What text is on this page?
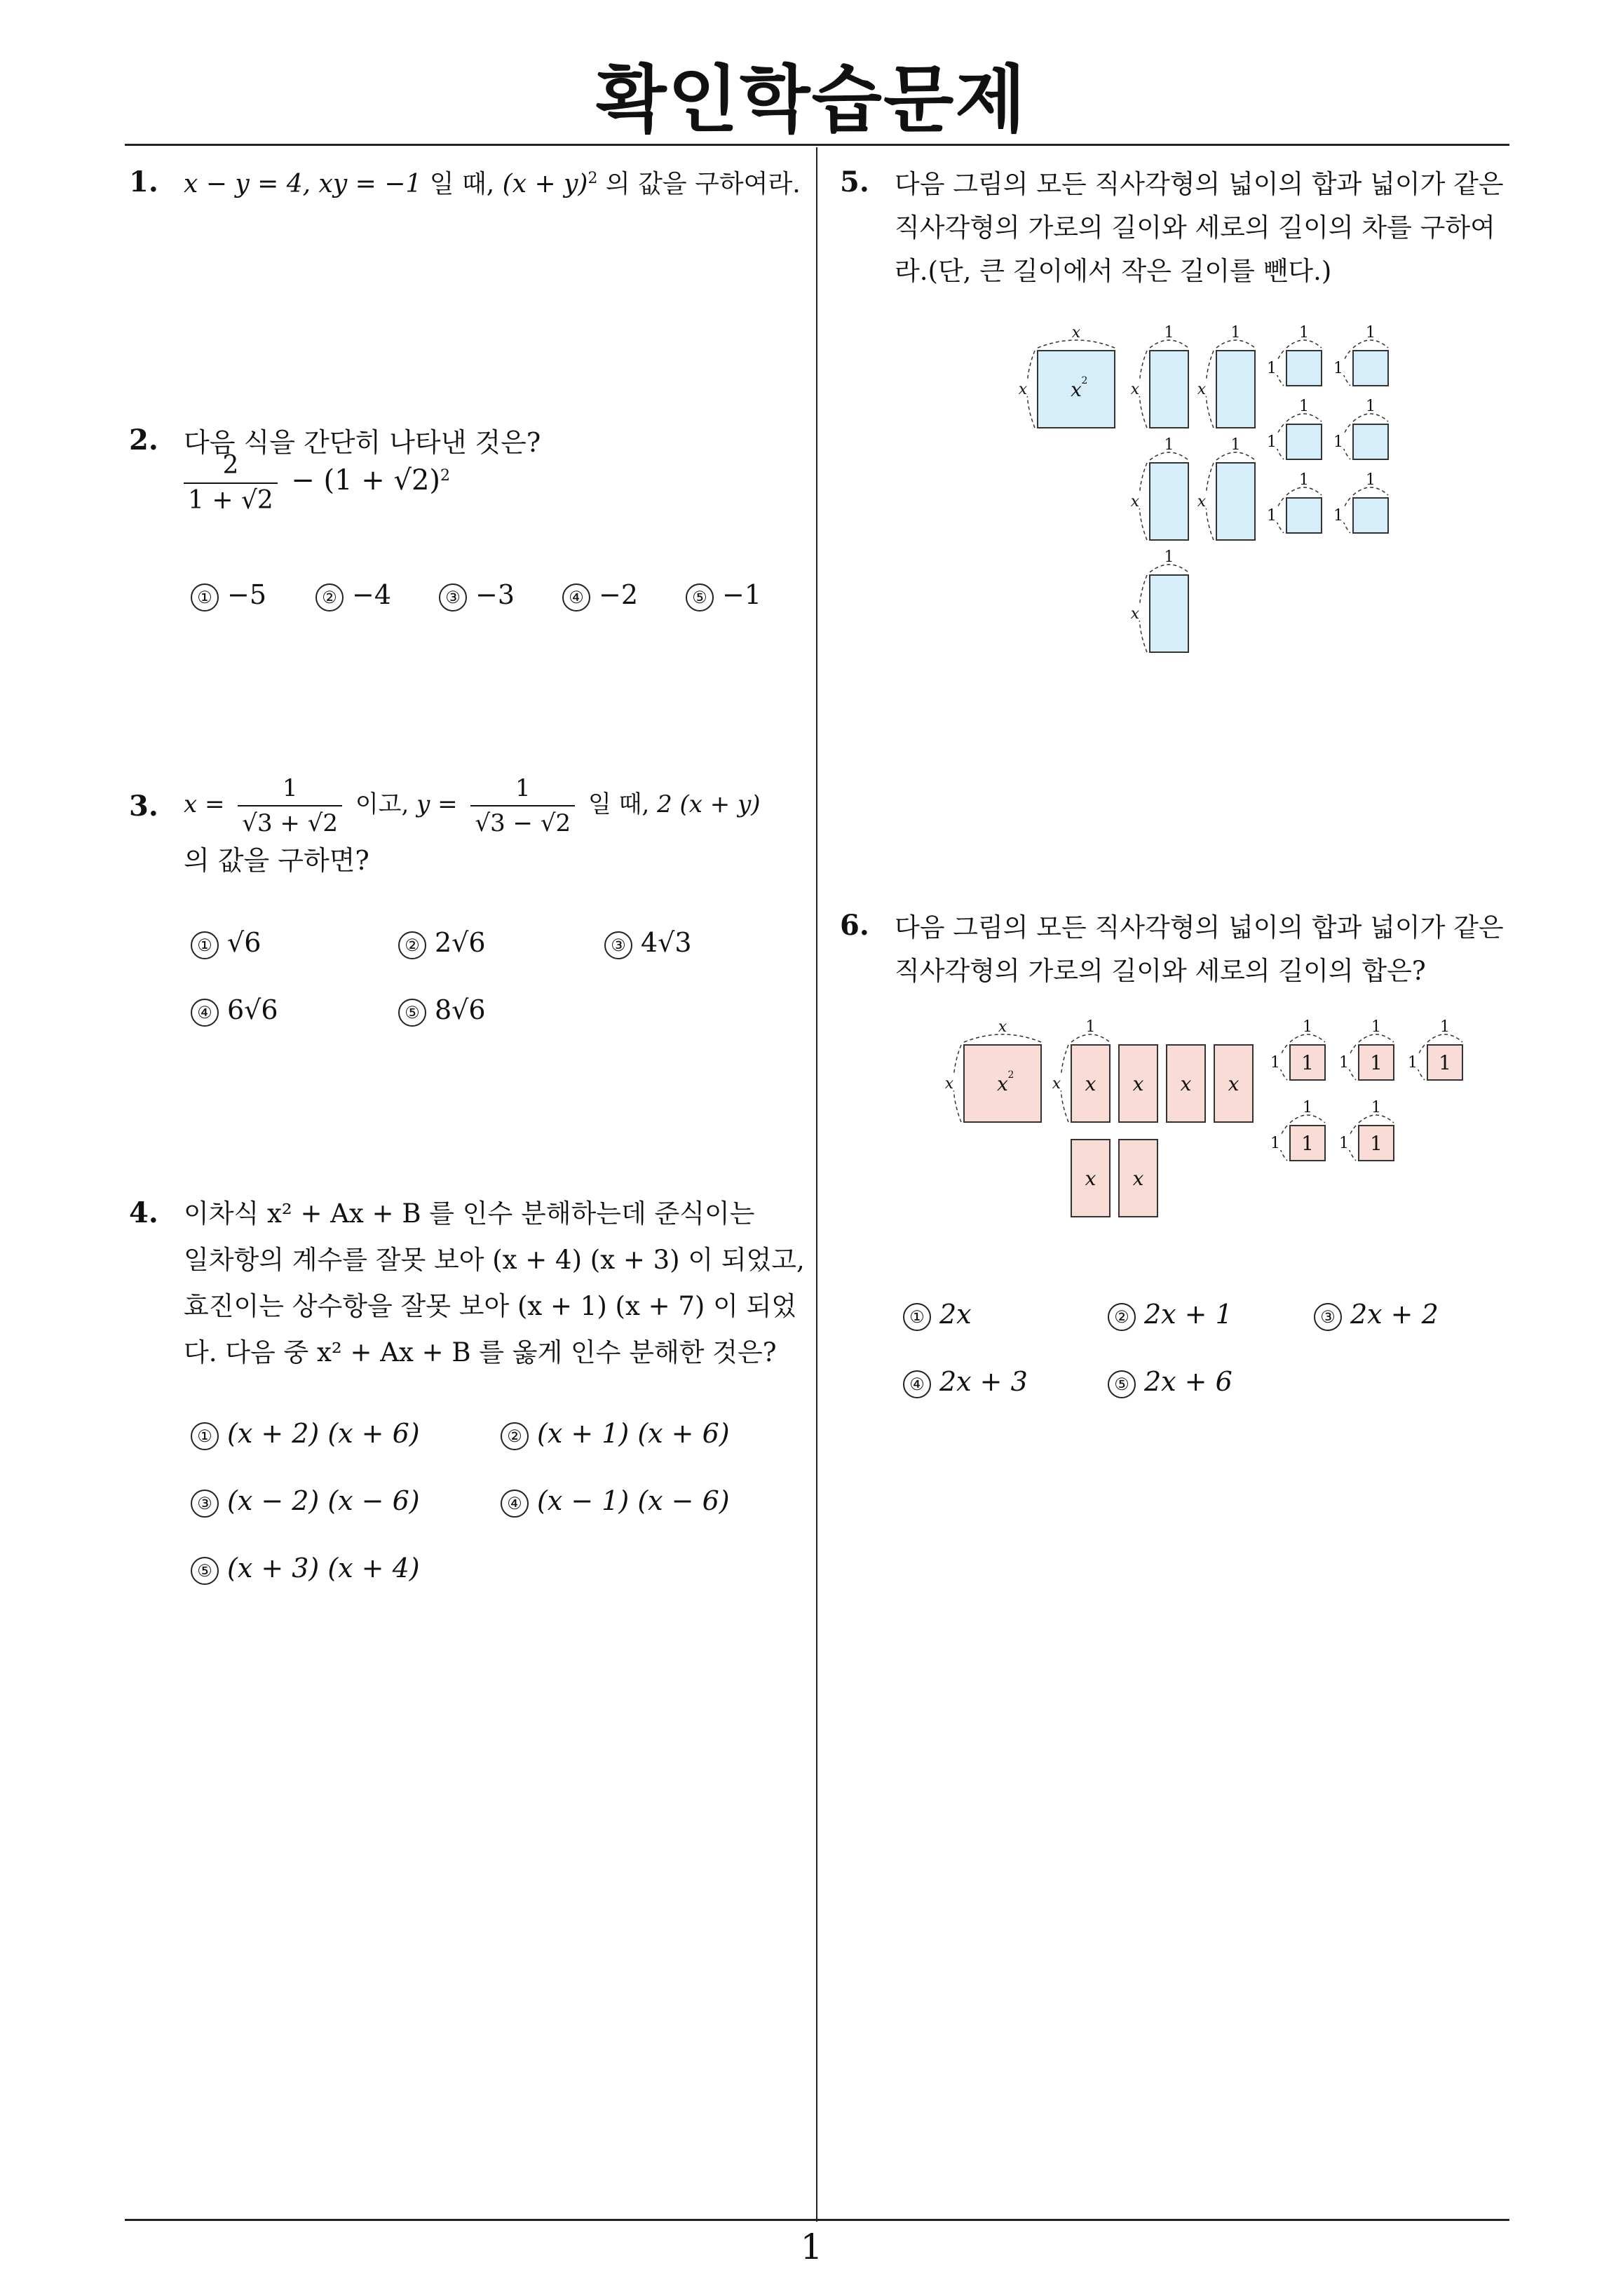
확인학습문제
1
1. x − y = 4, xy = −1 일 때, $(x + y)^2$ 의 값을 구하여라.
2. 다음 식을 간단히 나타낸 것은?
$\frac{2}{1 + √2} - (1 + √2)^2$
① −5	② −4	③ −3	④ −2	⑤ −1
3. $x = \frac{1}{√3 + √2}$ 이고, $y = \frac{1}{√3 - √2}$ 일 때, 2 (x + y)
의 값을 구하면?
① √6	② 2√6	③ 4√3
④ 6√6	⑤ 8√6
4. 이차식 x² + Ax + B 를 인수 분해하는데 준식이는
일차항의 계수를 잘못 보아 (x + 4) (x + 3) 이 되었고,
효진이는 상수항을 잘못 보아 (x + 1) (x + 7) 이 되었
다. 다음 중 x² + Ax + B 를 옳게 인수 분해한 것은?
① (x + 2) (x + 6)	② (x + 1) (x + 6)
③ (x − 2) (x − 6)	④ (x − 1) (x − 6)
⑤ (x + 3) (x + 4)
5. 다음 그림의 모든 직사각형의 넓이의 합과 넓이가 같은
직사각형의 가로의 길이와 세로의 길이의 차를 구하여
라.(단, 큰 길이에서 작은 길이를 뺀다.)
x
x x 2
1
x
1
x
1
x
1
x
1
x
1
1
1
1
1
1
1
1
1
1
1
1
6. 다음 그림의 모든 직사각형의 넓이의 합과 넓이가 같은
직사각형의 가로의 길이와 세로의 길이의 합은?
x
x x 2
1
x x x x x
x x
1
1 1
1
1 1
1
1 1
1
1 1
1
1 1
① 2x	② 2x + 1	③ 2x + 2
④ 2x + 3	⑤ 2x + 6
